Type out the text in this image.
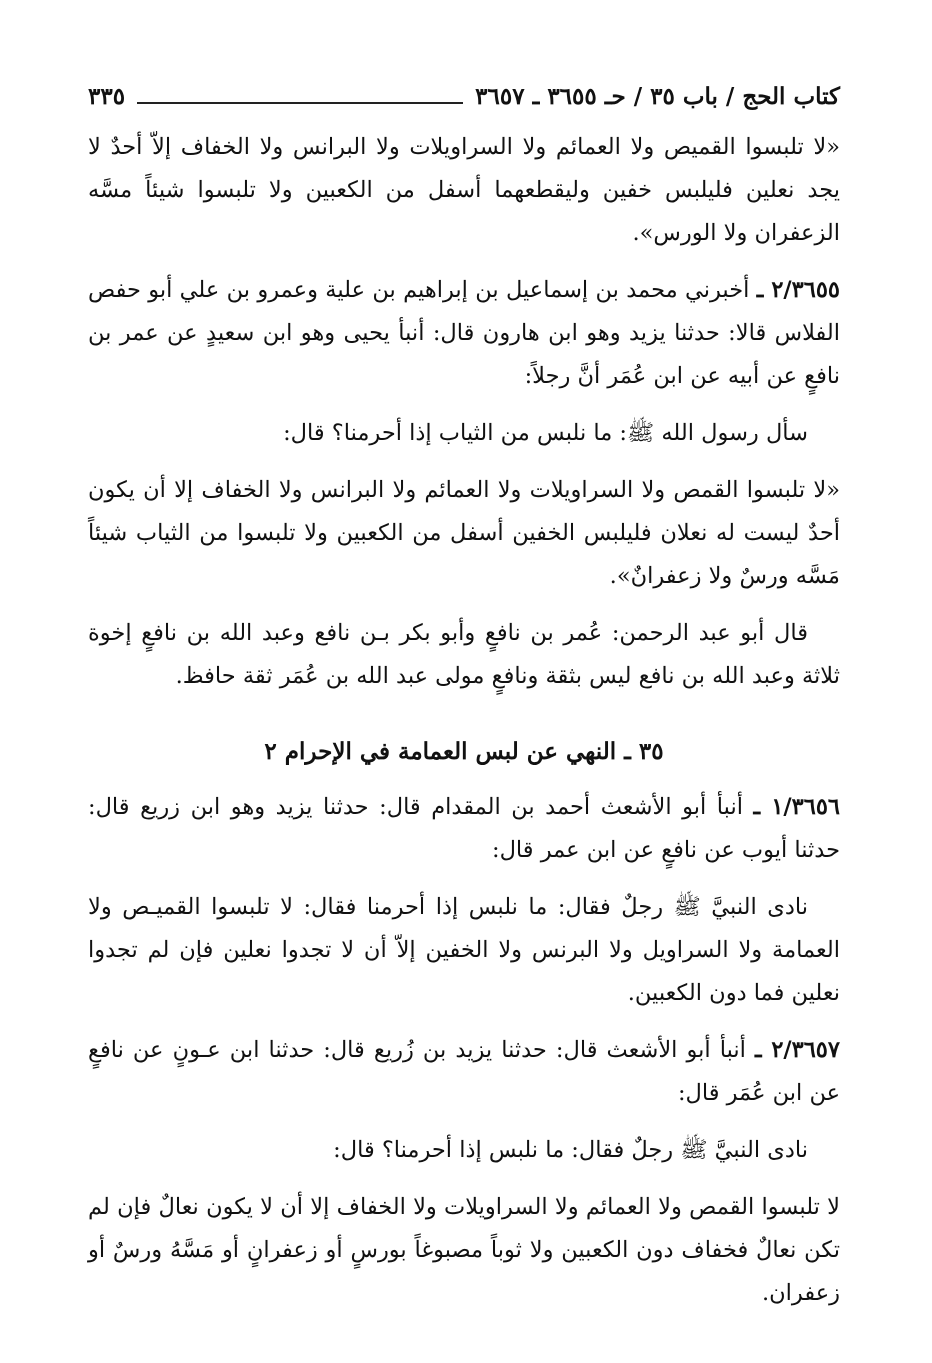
كتاب الحج / باب ٣٥ / حـ ٣٦٥٥ ـ ٣٦٥٧
٣٣٥

«لا تلبسوا القميص ولا العمائم ولا السراويلات ولا البرانس ولا الخفاف إلاّ أحدٌ لا يجد نعلين فليلبس خفين وليقطعهما أسفل من الكعبين ولا تلبسوا شيئاً مسَّه الزعفران ولا الورس».

٢/٣٦٥٥ ـ أخبرني محمد بن إسماعيل بن إبراهيم بن علية وعمرو بن علي أبو حفص الفلاس قالا: حدثنا يزيد وهو ابن هارون قال: أنبأ يحيى وهو ابن سعيدٍ عن عمر بن نافعٍ عن أبيه عن ابن عُمَر أنَّ رجلاً:

سأل رسول الله ﷺ: ما نلبس من الثياب إذا أحرمنا؟ قال:

«لا تلبسوا القمص ولا السراويلات ولا العمائم ولا البرانس ولا الخفاف إلا أن يكون أحدٌ ليست له نعلان فليلبس الخفين أسفل من الكعبين ولا تلبسوا من الثياب شيئاً مَسَّه ورسٌ ولا زعفرانٌ».

قال أبو عبد الرحمن: عُمر بن نافعٍ وأبو بكر بـن نافع وعبد الله بن نافعٍ إخوة ثلاثة وعبد الله بن نافع ليس بثقة ونافعٍ مولى عبد الله بن عُمَر ثقة حافظ.

٣٥ ـ النهي عن لبس العمامة في الإحرام ٢

١/٣٦٥٦ ـ أنبأ أبو الأشعث أحمد بن المقدام قال: حدثنا يزيد وهو ابن زريع قال: حدثنا أيوب عن نافعٍ عن ابن عمر قال:

نادى النبيَّ ﷺ رجلٌ فقال: ما نلبس إذا أحرمنا فقال: لا تلبسوا القميـص ولا العمامة ولا السراويل ولا البرنس ولا الخفين إلاّ أن لا تجدوا نعلين فإن لم تجدوا نعلين فما دون الكعبين.

٢/٣٦٥٧ ـ أنبأ أبو الأشعث قال: حدثنا يزيد بن زُريع قال: حدثنا ابن عـونٍ عن نافعٍ عن ابن عُمَر قال:

نادى النبيَّ ﷺ رجلٌ فقال: ما نلبس إذا أحرمنا؟ قال:

لا تلبسوا القمص ولا العمائم ولا السراويلات ولا الخفاف إلا أن لا يكون نعالٌ فإن لم تكن نعالٌ فخفاف دون الكعبين ولا ثوباً مصبوغاً بورسٍ أو زعفرانٍ أو مَسَّهُ ورسٌ أو زعفران.
